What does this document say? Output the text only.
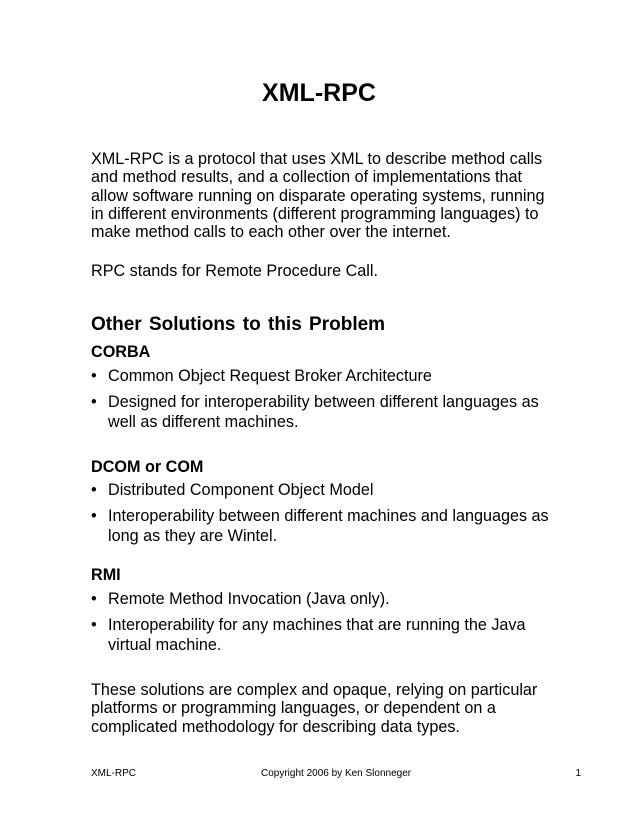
XML-RPC

XML-RPC is a protocol that uses XML to describe method calls and method results, and a collection of implementations that allow software running on disparate operating systems, running in different environments (different programming languages) to make method calls to each other over the internet.

RPC stands for Remote Procedure Call.

Other Solutions to this Problem
CORBA
• Common Object Request Broker Architecture
• Designed for interoperability between different languages as well as different machines.
DCOM or COM
• Distributed Component Object Model
• Interoperability between different machines and languages as long as they are Wintel.
RMI
• Remote Method Invocation (Java only).
• Interoperability for any machines that are running the Java virtual machine.

These solutions are complex and opaque, relying on particular platforms or programming languages, or dependent on a complicated methodology for describing data types.

XML-RPC	Copyright 2006 by Ken Slonneger	1
